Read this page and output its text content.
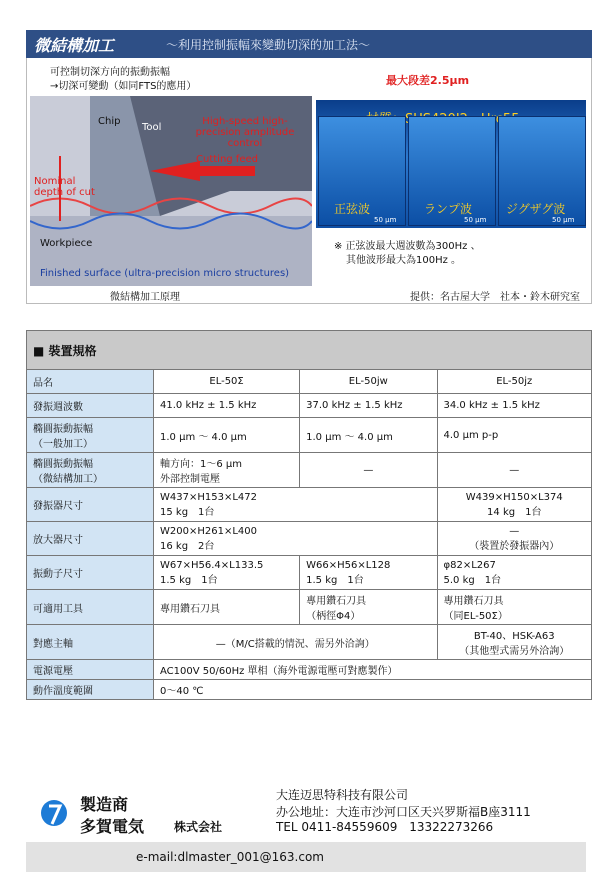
微結構加工	～利用控制振幅來變動切深的加工法～
可控制切深方向的振動振幅
→切深可變動（如同FTS的應用）
Chip
Tool
High-speed high-precision amplitude control
Cutting feed
Nominal depth of cut
Workpiece
Finished surface (ultra-precision micro structures)
微結構加工原理
最大段差2.5μm
正弦波	ランプ波	ジグザグ波
50 μm	50 μm	50 μm
※ 正弦波最大週波數為300Hz 、
其他波形最大為100Hz 。
提供：名古屋大学　社本・鈴木研究室
■ 裝置規格			
品名	EL-50Σ	EL-50jw	EL-50jz
發振週波數	41.0 kHz ± 1.5 kHz	37.0 kHz ± 1.5 kHz	34.0 kHz ± 1.5 kHz
橢圓振動振幅
（一般加工）	1.0 μm ～ 4.0 μm	1.0 μm ～ 4.0 μm	4.0 μm p-p
橢圓振動振幅
（微結構加工）	軸方向：1～6 μm
外部控制電壓	—	—
發振器尺寸	W437×H153×L472
15 kg　1台		W439×H150×L374
14 kg　1台
放大器尺寸	W200×H261×L400
16 kg　2台		—
（裝置於發振器內）
振動子尺寸	W67×H56.4×L133.5
1.5 kg　1台	W66×H56×L128
1.5 kg　1台	φ82×L267
5.0 kg　1台
可適用工具	專用鑽石刀具	專用鑽石刀具
（柄徑Φ4）	專用鑽石刀具
（同EL-50Σ）
對應主軸	—（M/C搭載的情況、需另外洽詢）		BT-40、HSK-A63
（其他型式需另外洽詢）
電源電壓	AC100V 50/60Hz 單相（海外電源電壓可對應製作）		
動作溫度範圍	0～40 ℃		
製造商
多賀電気 株式会社
大连迈思特科技有限公司
办公地址：大连市沙河口区天兴罗斯福B座3111
TEL 0411-84559609 13322273266
e-mail:dlmaster_001@163.com
